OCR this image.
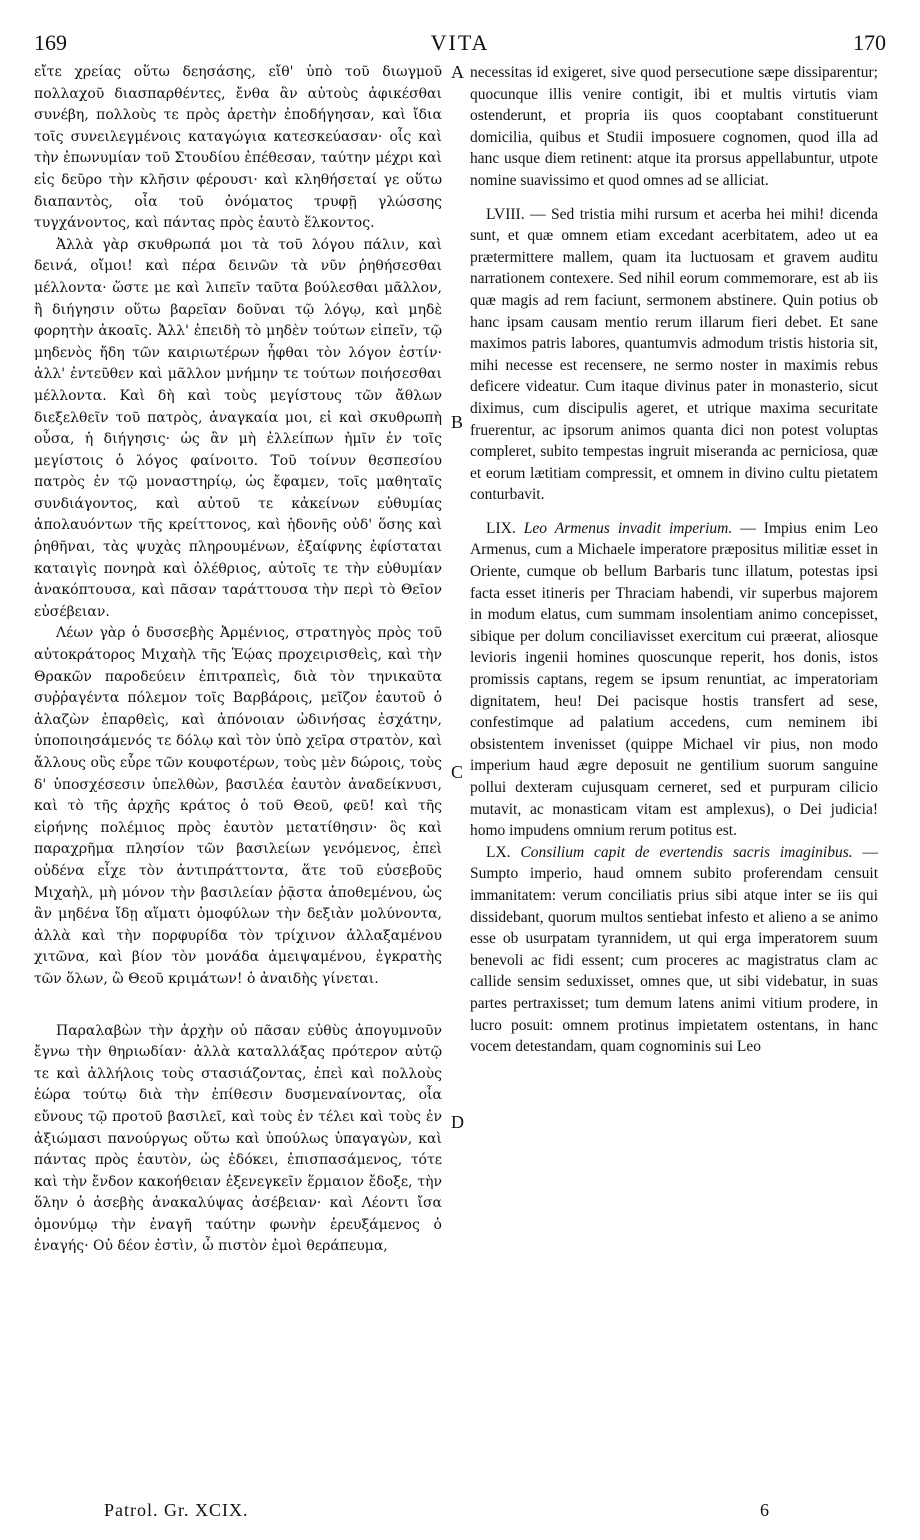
169	VITA	170

εἴτε χρείας οὕτω δεησάσης, εἴθ' ὑπὸ τοῦ διωγμοῦ πολλαχοῦ διασπαρθέντες, ἔνθα ἂν αὐτοὺς ἀφικέσθαι συνέβη, πολλοὺς τε πρὸς ἀρετὴν ἐποδήγησαν, καὶ ἴδια τοῖς συνειλεγμένοις καταγώγια κατεσκεύασαν· οἷς καὶ τὴν ἐπωνυμίαν τοῦ Στουδίου ἐπέθεσαν, ταύτην μέχρι καὶ εἰς δεῦρο τὴν κλῆσιν φέρουσι· καὶ κληθήσεταί γε οὕτω διαπαντὸς, οἷα τοῦ ὀνόματος τρυφῇ γλώσσης τυγχάνοντος, καὶ πάντας πρὸς ἑαυτὸ ἕλκοντος.

Ἀλλὰ γὰρ σκυθρωπά μοι τὰ τοῦ λόγου πάλιν, καὶ δεινά, οἴμοι! καὶ πέρα δεινῶν τὰ νῦν ῥηθήσεσθαι μέλλοντα· ὥστε με καὶ λιπεῖν ταῦτα βούλεσθαι μᾶλλον, ἢ διήγησιν οὕτω βαρεῖαν δοῦναι τῷ λόγῳ, καὶ μηδὲ φορητὴν ἀκοαῖς. Ἀλλ' ἐπειδὴ τὸ μηδὲν τούτων εἰπεῖν, τῷ μηδενὸς ἤδη τῶν καιριωτέρων ἧφθαι τὸν λόγον ἐστίν· ἀλλ' ἐντεῦθεν καὶ μᾶλλον μνήμην τε τούτων ποιήσεσθαι μέλλοντα. Καὶ δὴ καὶ τοὺς μεγίστους τῶν ἄθλων διεξελθεῖν τοῦ πατρὸς, ἀναγκαία μοι, εἰ καὶ σκυθρωπὴ οὖσα, ἡ διήγησις· ὡς ἂν μὴ ἐλλείπων ἡμῖν ἐν τοῖς μεγίστοις ὁ λόγος φαίνοιτο. Τοῦ τοίνυν θεσπεσίου πατρὸς ἐν τῷ μοναστηρίῳ, ὡς ἔφαμεν, τοῖς μαθηταῖς συνδιάγοντος, καὶ αὐτοῦ τε κἀκείνων εὐθυμίας ἀπολαυόντων τῆς κρείττονος, καὶ ἡδονῆς οὐδ' ὅσης καὶ ῥηθῆναι, τὰς ψυχὰς πληρουμένων, ἐξαίφνης ἐφίσταται καταιγὶς πονηρὰ καὶ ὀλέθριος, αὐτοῖς τε τὴν εὐθυμίαν ἀνακόπτουσα, καὶ πᾶσαν ταράττουσα τὴν περὶ τὸ Θεῖον εὐσέβειαν.

Λέων γὰρ ὁ δυσσεβὴς Ἀρμένιος, στρατηγὸς πρὸς τοῦ αὐτοκράτορος Μιχαὴλ τῆς Ἑῴας προχειρισθεὶς, καὶ τὴν Θρακῶν παροδεύειν ἐπιτραπεὶς, διὰ τὸν τηνικαῦτα συῤῥαγέντα πόλεμον τοῖς Βαρβάροις, μεῖζον ἑαυτοῦ ὁ ἀλαζὼν ἐπαρθεὶς, καὶ ἀπόνοιαν ὠδινήσας ἐσχάτην, ὑποποιησάμενός τε δόλῳ καὶ τὸν ὑπὸ χεῖρα στρατὸν, καὶ ἄλλους οὓς εὗρε τῶν κουφοτέρων, τοὺς μὲν δώροις, τοὺς δ' ὑποσχέσεσιν ὑπελθὼν, βασιλέα ἑαυτὸν ἀναδείκνυσι, καὶ τὸ τῆς ἀρχῆς κράτος ὁ τοῦ Θεοῦ, φεῦ! καὶ τῆς εἰρήνης πολέμιος πρὸς ἑαυτὸν μετατίθησιν· ὃς καὶ παραχρῆμα πλησίον τῶν βασιλείων γενόμενος, ἐπεὶ οὐδένα εἶχε τὸν ἀντιπράττοντα, ἅτε τοῦ εὐσεβοῦς Μιχαὴλ, μὴ μόνον τὴν βασιλείαν ῥᾷστα ἀποθεμένου, ὡς ἂν μηδένα ἴδῃ αἵματι ὁμοφύλων τὴν δεξιὰν μολύνοντα, ἀλλὰ καὶ τὴν πορφυρίδα τὸν τρίχινον ἀλλαξαμένου χιτῶνα, καὶ βίον τὸν μονάδα ἀμειψαμένου, ἐγκρατὴς τῶν ὅλων, ὢ Θεοῦ κριμάτων! ὁ ἀναιδὴς γίνεται.

Παραλαβὼν τὴν ἀρχὴν οὐ πᾶσαν εὐθὺς ἀπογυμνοῦν ἔγνω τὴν θηριωδίαν· ἀλλὰ καταλλάξας πρότερον αὐτῷ τε καὶ ἀλλήλοις τοὺς στασιάζοντας, ἐπεὶ καὶ πολλοὺς ἑώρα τούτῳ διὰ τὴν ἐπίθεσιν δυσμεναίνοντας, οἷα εὔνους τῷ προτοῦ βασιλεῖ, καὶ τοὺς ἐν τέλει καὶ τοὺς ἐν ἀξιώμασι πανούργως οὕτω καὶ ὑπούλως ὑπαγαγὼν, καὶ πάντας πρὸς ἑαυτὸν, ὡς ἐδόκει, ἐπισπασάμενος, τότε καὶ τὴν ἔνδον κακοήθειαν ἐξενεγκεῖν ἕρμαιον ἔδοξε, τὴν ὅλην ὁ ἀσεβὴς ἀνακαλύψας ἀσέβειαν· καὶ Λέοντι ἴσα ὁμονύμῳ τὴν ἐναγῆ ταύτην φωνὴν ἐρευξάμενος ὁ ἐναγής· Οὐ δέον ἐστὶν, ὦ πιστὸν ἐμοὶ θεράπευμα,

A
B
C
D

necessitas id exigeret, sive quod persecutione sæpe dissiparentur; quocunque illis venire contigit, ibi et multis virtutis viam ostenderunt, et propria iis quos cooptabant constituerunt domicilia, quibus et Studii imposuere cognomen, quod illa ad hanc usque diem retinent: atque ita prorsus appellabuntur, utpote nomine suavissimo et quod omnes ad se alliciat.

LVIII. — Sed tristia mihi rursum et acerba hei mihi! dicenda sunt, et quæ omnem etiam excedant acerbitatem, adeo ut ea prætermittere mallem, quam ita luctuosam et gravem auditu narrationem contexere. Sed nihil eorum commemorare, est ab iis quæ magis ad rem faciunt, sermonem abstinere. Quin potius ob hanc ipsam causam mentio rerum illarum fieri debet. Et sane maximos patris labores, quantumvis admodum tristis historia sit, mihi necesse est recensere, ne sermo noster in maximis rebus deficere videatur. Cum itaque divinus pater in monasterio, sicut diximus, cum discipulis ageret, et utrique maxima securitate fruerentur, ac ipsorum animos quanta dici non potest voluptas compleret, subito tempestas ingruit miseranda ac perniciosa, quæ et eorum lætitiam compressit, et omnem in divino cultu pietatem conturbavit.

LIX. Leo Armenus invadit imperium. — Impius enim Leo Armenus, cum a Michaele imperatore præpositus militiæ esset in Oriente, cumque ob bellum Barbaris tunc illatum, potestas ipsi facta esset itineris per Thraciam habendi, vir superbus majorem in modum elatus, cum summam insolentiam animo concepisset, sibique per dolum conciliavisset exercitum cui præerat, aliosque levioris ingenii homines quoscunque reperit, hos donis, istos promissis captans, regem se ipsum renuntiat, ac imperatoriam dignitatem, heu! Dei pacisque hostis transfert ad sese, confestimque ad palatium accedens, cum neminem ibi obsistentem invenisset (quippe Michael vir pius, non modo imperium haud ægre deposuit ne gentilium suorum sanguine pollui dexteram cujusquam cerneret, sed et purpuram cilicio mutavit, ac monasticam vitam est amplexus), o Dei judicia! homo impudens omnium rerum potitus est.

LX. Consilium capit de evertendis sacris imaginibus. — Sumpto imperio, haud omnem subito proferendam censuit immanitatem: verum conciliatis prius sibi atque inter se iis qui dissidebant, quorum multos sentiebat infesto et alieno a se animo esse ob usurpatam tyrannidem, ut qui erga imperatorem suum benevoli ac fidi essent; cum proceres ac magistratus clam ac callide sensim seduxisset, omnes que, ut sibi videbatur, in suas partes pertraxisset; tum demum latens animi vitium prodere, in lucro posuit: omnem protinus impietatem ostentans, in hanc vocem detestandam, quam cognominis sui Leo

Patrol. Gr. XCIX.	6
